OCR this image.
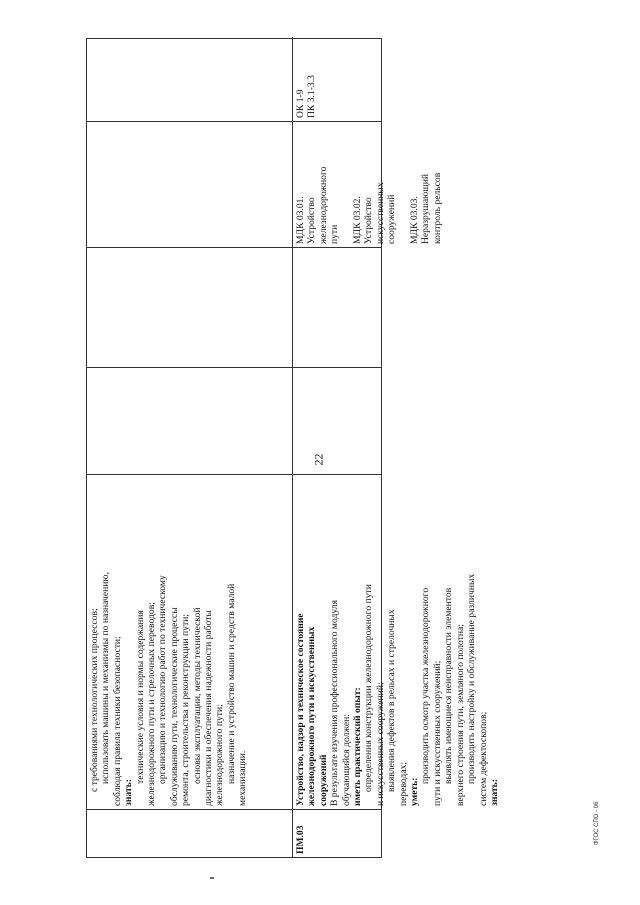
22
с требованиями технологических процессов; использовать машины и механизмы по назначению, соблюдая правила техники безопасности; знать:
технические условия и нормы содержания железнодорожного пути и стрелочных переводов; организацию и технологию работ по техническому обслуживанию пути, технологические процессы ремонта, строительства и реконструкции пути; основы эксплуатации, методы технической диагностики и обеспечения надежности работы железнодорожного пути; назначение и устройство машин и средств малой механизации.
ПМ.03
Устройство, надзор и техническое состояние железнодорожного пути и искусственных сооружений В результате изучения профессионального модуля обучающийся должен: иметь практический опыт: определения конструкции железнодорожного пути и искусственных сооружений; выявления дефектов в рельсах и стрелочных переводах; уметь:
производить осмотр участка железнодорожного пути и искусственных сооружений; выявлять имеющиеся неисправности элементов верхнего строения пути, земляного полотна; производить настройку и обслуживание различных систем дефектоскопов; знать:
МДК 03.01. Устройство железнодорожного пути МДК 03.02. Устройство искусственных сооружений МДК 03.03. Неразрушающий контроль рельсов
ОК 1-9 ПК 3.1-3.3
ФГОС СПО - 06
